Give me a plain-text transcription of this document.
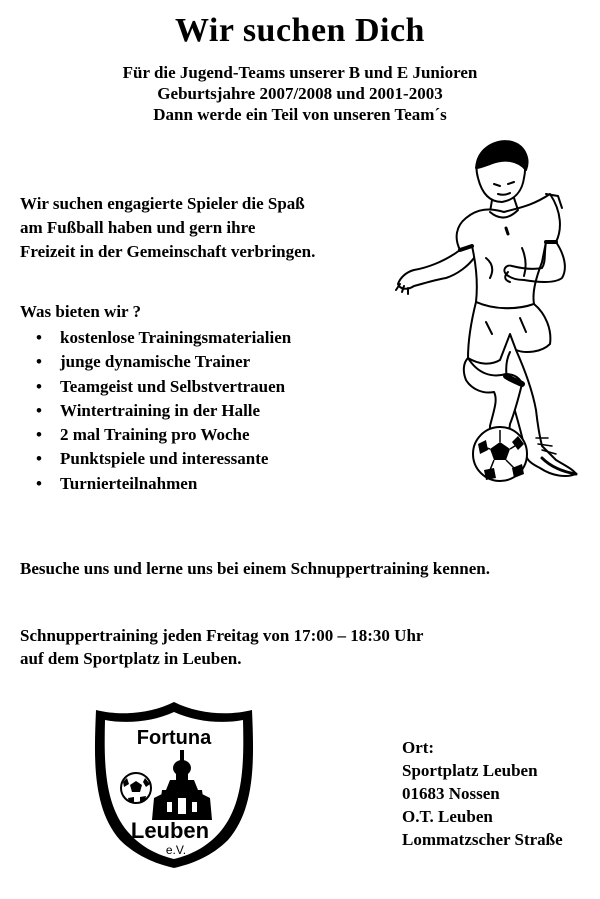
Wir suchen Dich
Für die Jugend-Teams unserer B und E Junioren
Geburtsjahre 2007/2008 und 2001-2003
Dann werde ein Teil von unseren Team´s
Wir suchen engagierte Spieler die Spaß
am Fußball haben und gern ihre
Freizeit in der Gemeinschaft verbringen.
Was bieten wir ?
• kostenlose Trainingsmaterialien
• junge dynamische Trainer
• Teamgeist und Selbstvertrauen
• Wintertraining in der Halle
• 2 mal Training pro Woche
• Punktspiele und interessante
• Turnierteilnahmen
Besuche uns und lerne uns bei einem Schnuppertraining kennen.
Schnuppertraining jeden Freitag von 17:00 – 18:30 Uhr
auf dem Sportplatz in Leuben.
Ort:
Sportplatz Leuben
01683 Nossen
O.T. Leuben
Lommatzscher Straße
Fortuna
Leuben
e.V.
